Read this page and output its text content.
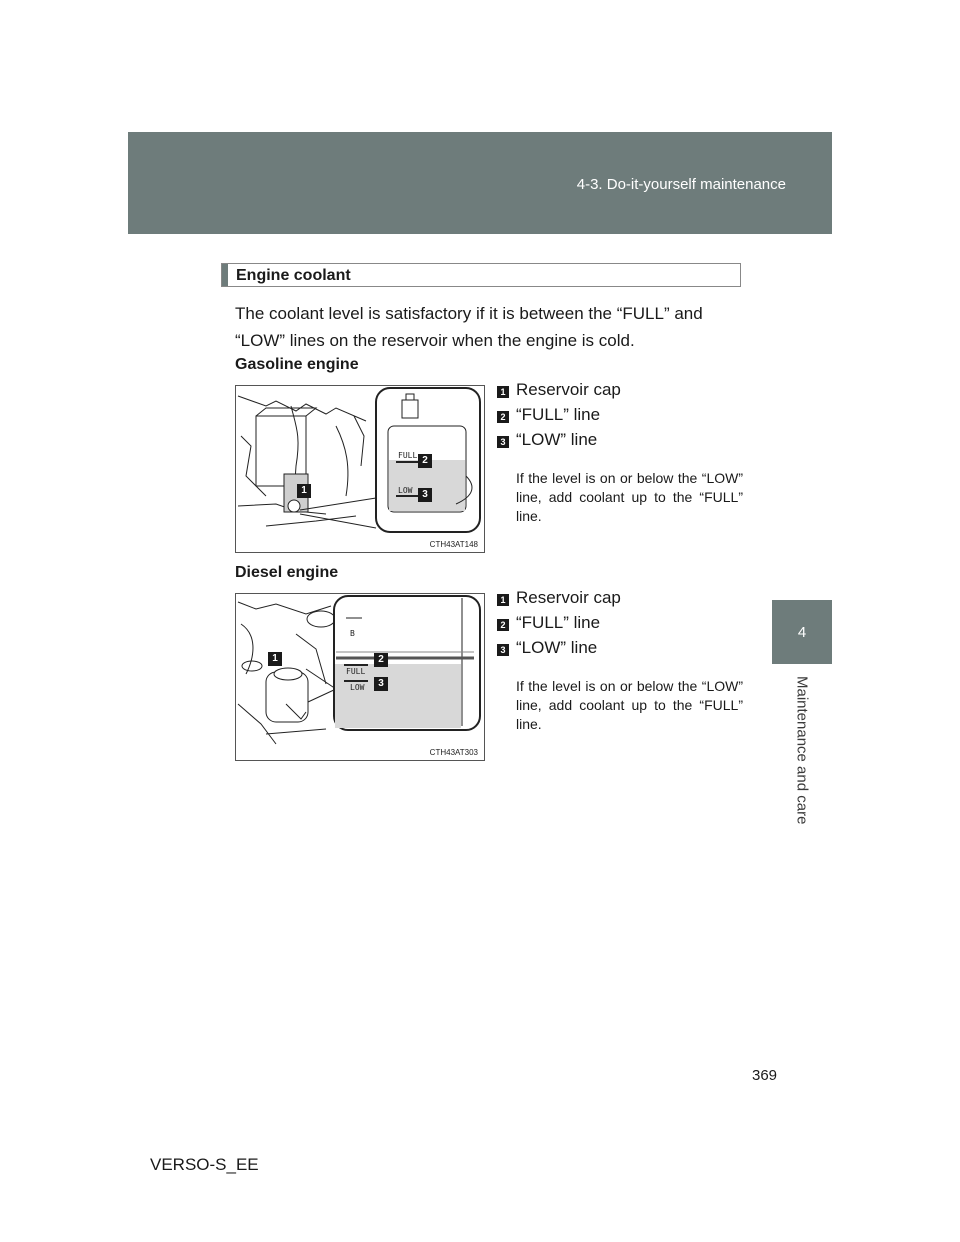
4-3. Do-it-yourself maintenance
4
Maintenance and care
Engine coolant
The coolant level is satisfactory if it is between the “FULL” and “LOW” lines on the reservoir when the engine is cold.
Gasoline engine
FULL
LOW
1
2
3
CTH43AT148
1 Reservoir cap
2 “FULL” line
3 “LOW” line
If the level is on or below the “LOW” line, add coolant up to the “FULL” line.
Diesel engine
B
FULL
LOW
1	2
3
CTH43AT303
1 Reservoir cap
2 “FULL” line
3 “LOW” line
If the level is on or below the “LOW” line, add coolant up to the “FULL” line.
369
VERSO-S_EE
